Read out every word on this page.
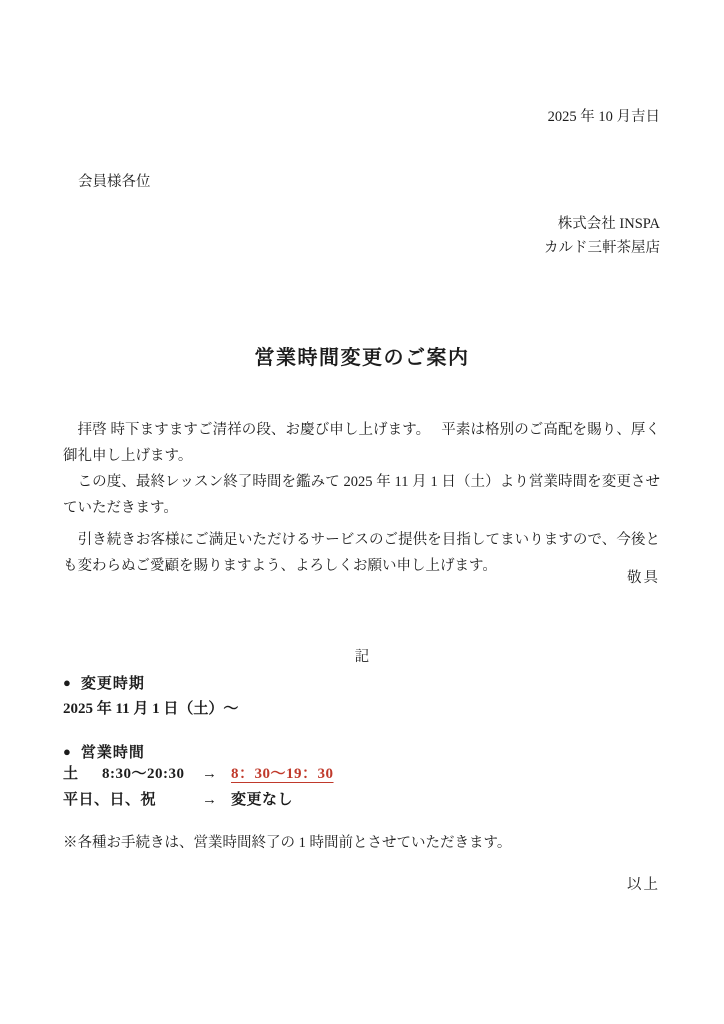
2025 年 10 月吉日
会員様各位
株式会社 INSPA
カルド三軒茶屋店
営業時間変更のご案内

　拝啓 時下ますますご清祥の段、お慶び申し上げます。　 平素は格別のご高配を賜り、厚く御礼申し上げます。

　この度、最終レッスン終了時間を鑑みて 2025 年 11 月 1 日（土）より営業時間を変更させていただきます。

　引き続きお客様にご満足いただけるサービスのご提供を目指してまいりますので、今後とも変わらぬご愛顧を賜りますよう、よろしくお願い申し上げます。

敬具
記
● 変更時期
2025 年 11 月 1 日（土）～
● 営業時間
土 8:30～20:30	→ 8：30～19：30
平日、日、祝	→ 変更なし
※各種お手続きは、営業時間終了の 1 時間前とさせていただきます。
以上
